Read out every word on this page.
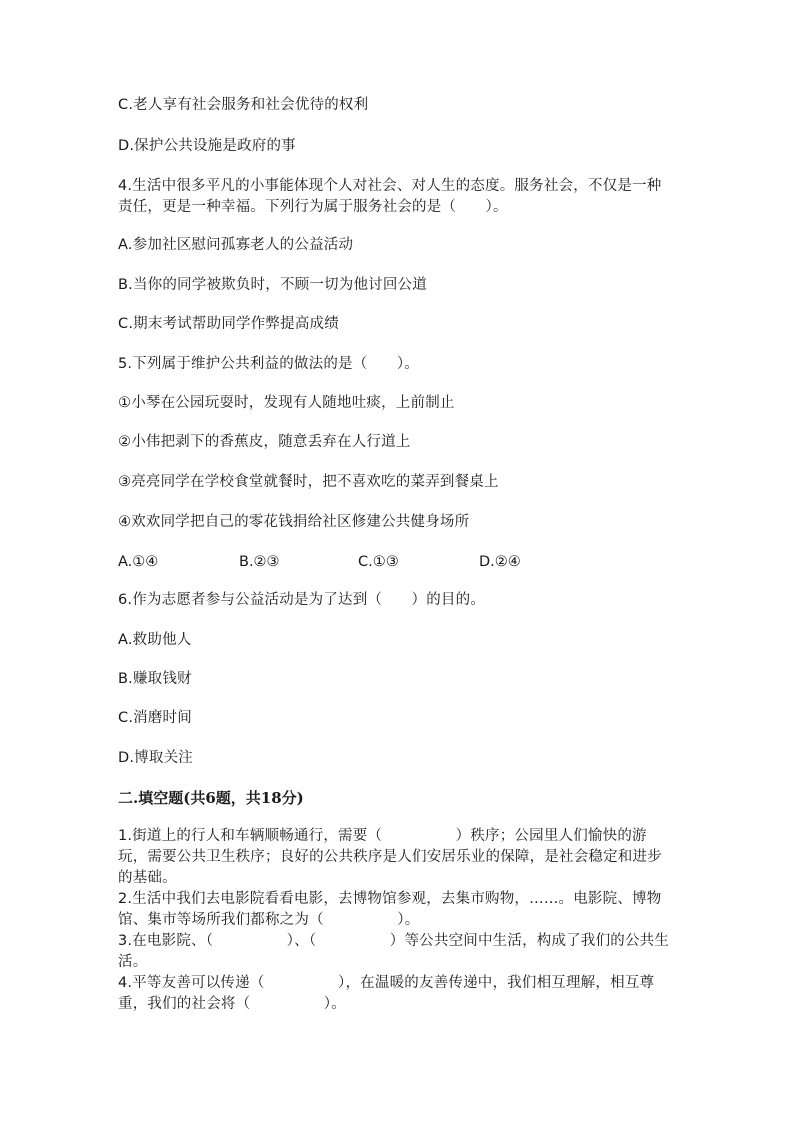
C.老人享有社会服务和社会优待的权利
D.保护公共设施是政府的事
4.生活中很多平凡的小事能体现个人对社会、对人生的态度。服务社会，不仅是一种责任，更是一种幸福。下列行为属于服务社会的是（　　）。
A.参加社区慰问孤寡老人的公益活动
B.当你的同学被欺负时，不顾一切为他讨回公道
C.期末考试帮助同学作弊提高成绩
5.下列属于维护公共利益的做法的是（　　）。
①小琴在公园玩耍时，发现有人随地吐痰，上前制止
②小伟把剥下的香蕉皮，随意丢弃在人行道上
③亮亮同学在学校食堂就餐时，把不喜欢吃的菜弄到餐桌上
④欢欢同学把自己的零花钱捐给社区修建公共健身场所
A.①④	B.②③	C.①③	D.②④
6.作为志愿者参与公益活动是为了达到（　　）的目的。
A.救助他人
B.赚取钱财
C.消磨时间
D.博取关注
二.填空题(共6题，共18分)
1.街道上的行人和车辆顺畅通行，需要（　　　　　）秩序；公园里人们愉快的游玩，需要公共卫生秩序；良好的公共秩序是人们安居乐业的保障，是社会稳定和进步的基础。
2.生活中我们去电影院看看电影，去博物馆参观，去集市购物，……。电影院、博物馆、集市等场所我们都称之为（　　　　　）。
3.在电影院、（　　　　　）、（　　　　　）等公共空间中生活，构成了我们的公共生活。
4.平等友善可以传递（　　　　　），在温暖的友善传递中，我们相互理解，相互尊重，我们的社会将（　　　　　）。
